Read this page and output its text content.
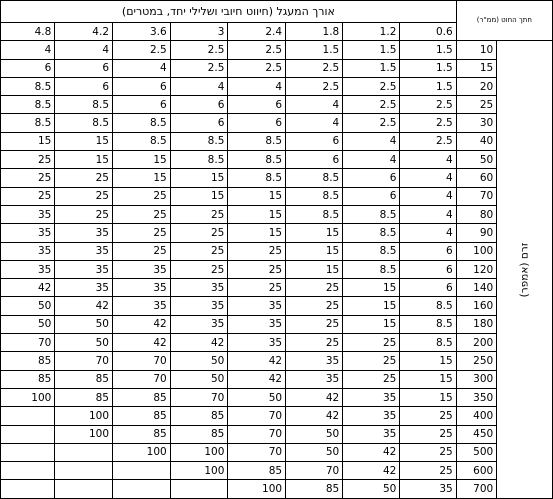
אורך המעגל (חיווט חיובי ושלילי יחד, במטרים)								חתך החוט (ממ"ר)	
4.8	4.2	3.6	3	2.4	1.8	1.2	0.6		
4	4	2.5	2.5	2.5	1.5	1.5	1.5	10	זרם (אמפר)
6	6	4	2.5	2.5	2.5	1.5	1.5	15	
8.5	6	6	4	4	2.5	2.5	1.5	20	
8.5	8.5	6	6	6	4	2.5	2.5	25	
8.5	8.5	8.5	6	6	4	2.5	2.5	30	
15	15	8.5	8.5	8.5	6	4	2.5	40	
25	15	15	8.5	8.5	6	4	4	50	
25	25	15	15	8.5	8.5	6	4	60	
25	25	25	15	15	8.5	6	4	70	
35	25	25	25	15	8.5	8.5	4	80	
35	35	25	25	15	15	8.5	4	90	
35	35	25	25	25	15	8.5	6	100	
35	35	35	25	25	15	8.5	6	120	
42	35	35	35	25	25	15	6	140	
50	42	35	35	35	25	15	8.5	160	
50	50	42	35	35	25	15	8.5	180	
70	50	42	42	35	25	25	8.5	200	
85	70	70	50	42	35	25	15	250	
85	85	70	50	42	35	25	15	300	
100	85	85	70	50	42	35	15	350	
	100	85	85	70	42	35	25	400	
	100	85	85	70	50	35	25	450	
		100	100	70	50	42	25	500	
			100	85	70	42	25	600	
				100	85	50	35	700	
